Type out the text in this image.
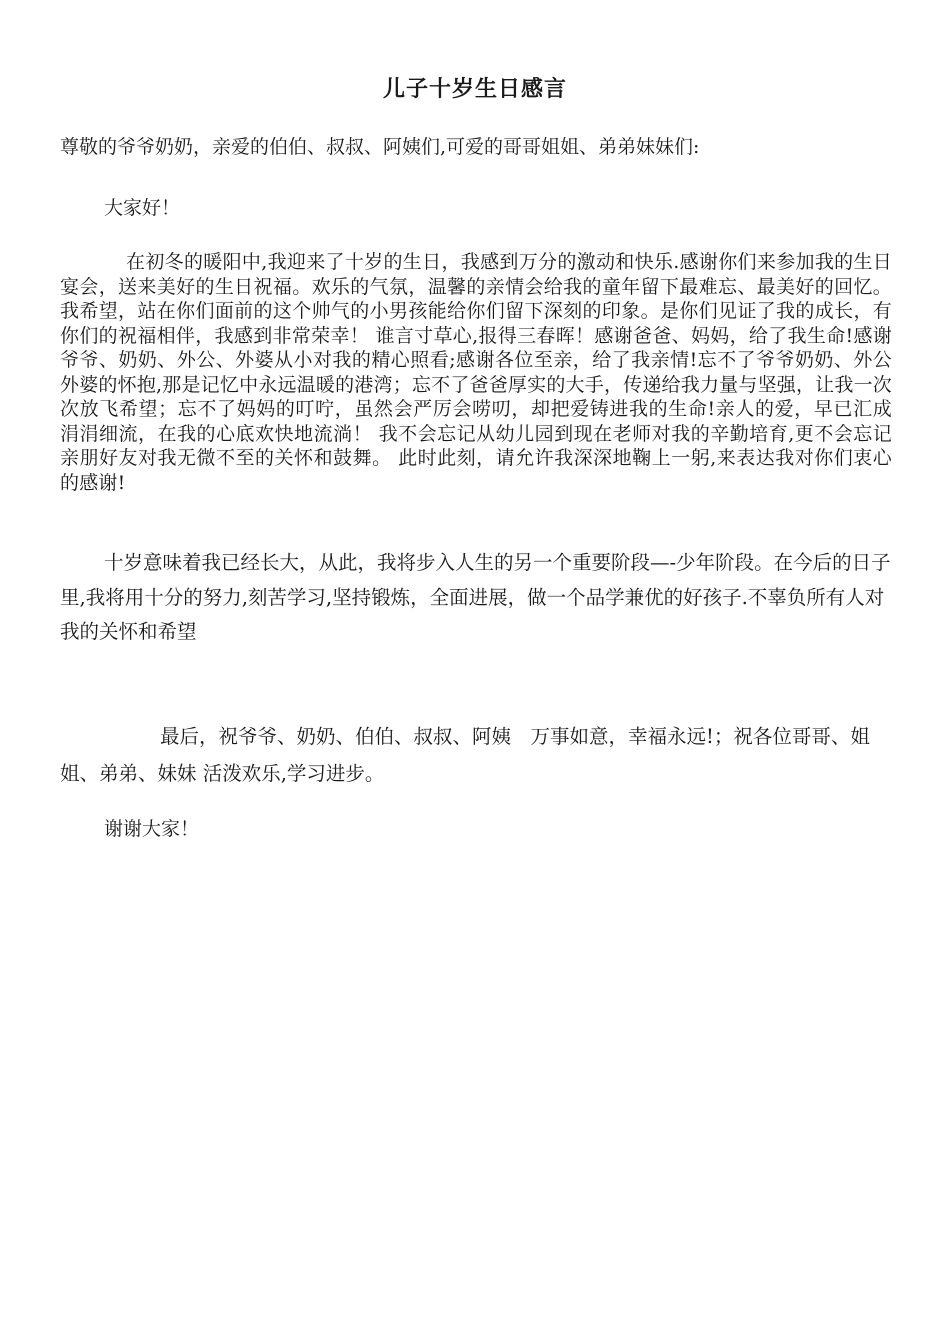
儿子十岁生日感言

尊敬的爷爷奶奶，亲爱的伯伯、叔叔、阿姨们,可爱的哥哥姐姐、弟弟妹妹们:

大家好！

在初冬的暖阳中,我迎来了十岁的生日，我感到万分的激动和快乐.感谢你们来参加我的生日宴会，送来美好的生日祝福。欢乐的气氛，温馨的亲情会给我的童年留下最难忘、最美好的回忆。我希望，站在你们面前的这个帅气的小男孩能给你们留下深刻的印象。是你们见证了我的成长，有你们的祝福相伴，我感到非常荣幸！ 谁言寸草心,报得三春晖！感谢爸爸、妈妈，给了我生命!感谢爷爷、奶奶、外公、外婆从小对我的精心照看;感谢各位至亲，给了我亲情!忘不了爷爷奶奶、外公外婆的怀抱,那是记忆中永远温暖的港湾；忘不了爸爸厚实的大手，传递给我力量与坚强，让我一次次放飞希望；忘不了妈妈的叮咛，虽然会严厉会唠叨，却把爱铸进我的生命!亲人的爱，早已汇成涓涓细流，在我的心底欢快地流淌！ 我不会忘记从幼儿园到现在老师对我的辛勤培育,更不会忘记亲朋好友对我无微不至的关怀和鼓舞。 此时此刻，请允许我深深地鞠上一躬,来表达我对你们衷心的感谢!

十岁意味着我已经长大，从此，我将步入人生的另一个重要阶段—-少年阶段。在今后的日子里,我将用十分的努力,刻苦学习,坚持锻炼，全面进展，做一个品学兼优的好孩子.不辜负所有人对我的关怀和希望

最后，祝爷爷、奶奶、伯伯、叔叔、阿姨　万事如意，幸福永远!；祝各位哥哥、姐姐、弟弟、妹妹 活泼欢乐,学习进步。

谢谢大家！
